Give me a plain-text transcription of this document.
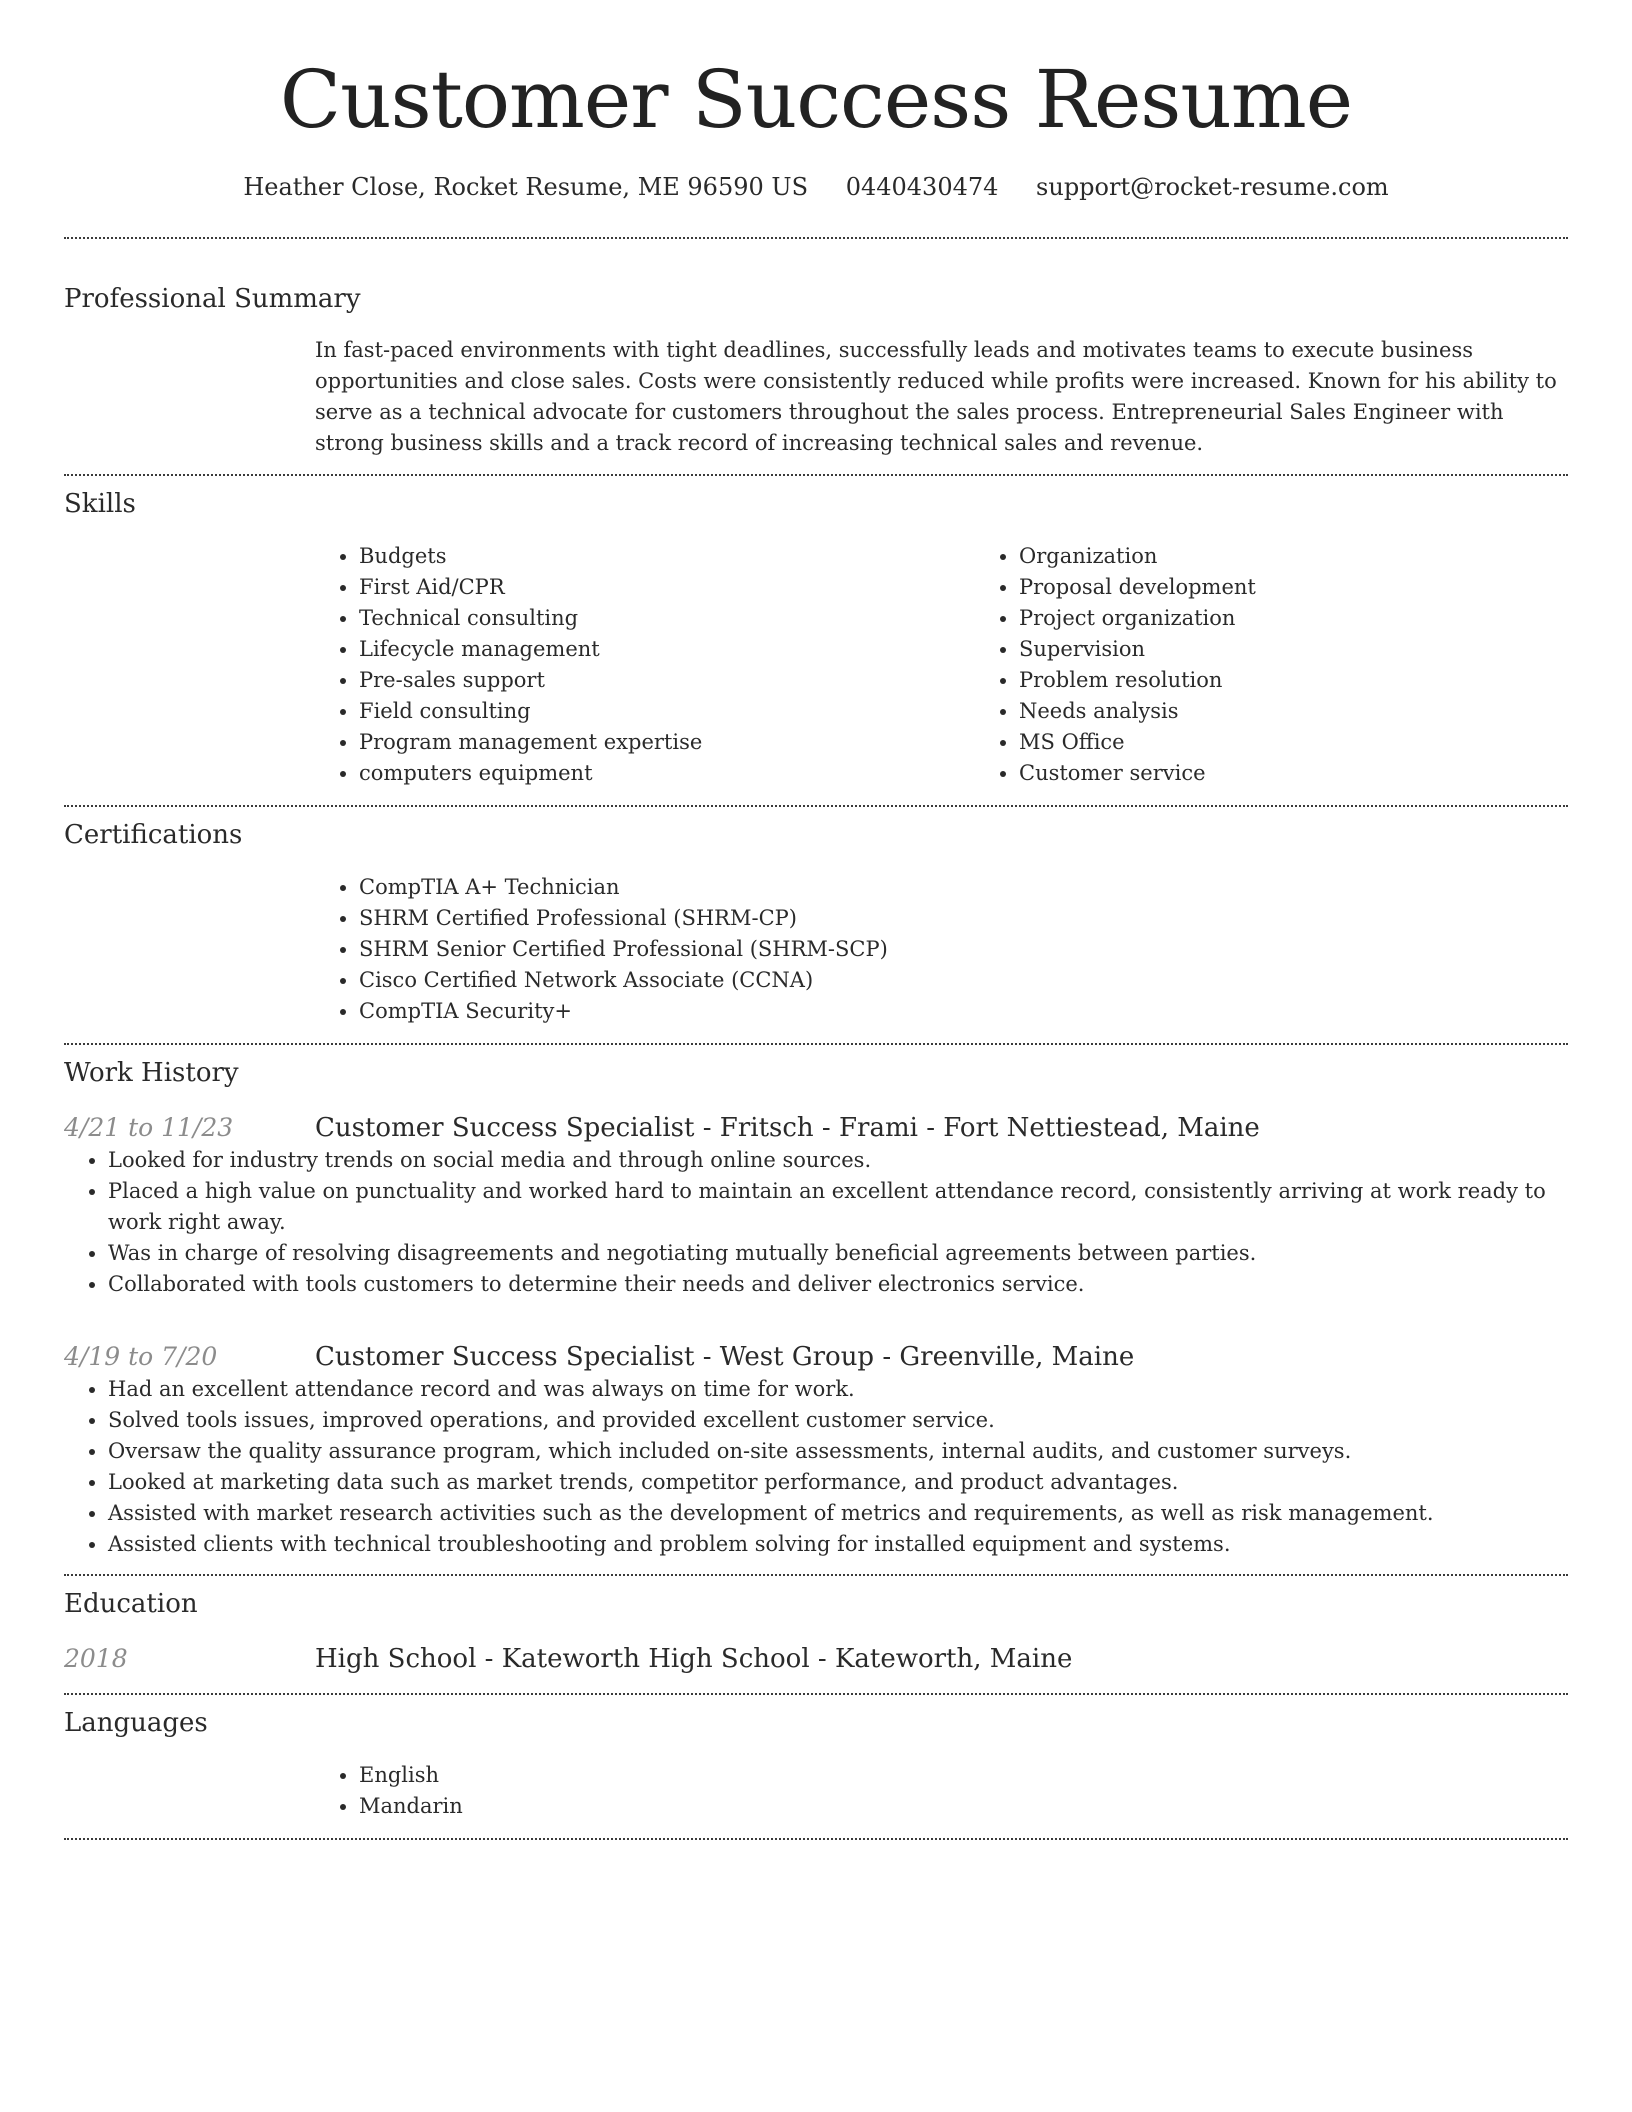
Customer Success Resume
Heather Close, Rocket Resume, ME 96590 US 0440430474 support@rocket-resume.com
Professional Summary

In fast-paced environments with tight deadlines, successfully leads and motivates teams to execute business opportunities and close sales. Costs were consistently reduced while profits were increased. Known for his ability to serve as a technical advocate for customers throughout the sales process. Entrepreneurial Sales Engineer with strong business skills and a track record of increasing technical sales and revenue.

Skills
• Budgets
• First Aid/CPR
• Technical consulting
• Lifecycle management
• Pre-sales support
• Field consulting
• Program management expertise
• computers equipment
• Organization
• Proposal development
• Project organization
• Supervision
• Problem resolution
• Needs analysis
• MS Office
• Customer service
Certifications
• CompTIA A+ Technician
• SHRM Certified Professional (SHRM-CP)
• SHRM Senior Certified Professional (SHRM-SCP)
• Cisco Certified Network Associate (CCNA)
• CompTIA Security+
Work History
4/21 to 11/23	Customer Success Specialist - Fritsch - Frami - Fort Nettiestead, Maine
• Looked for industry trends on social media and through online sources.
• Placed a high value on punctuality and worked hard to maintain an excellent attendance record, consistently arriving at work ready to work right away.
• Was in charge of resolving disagreements and negotiating mutually beneficial agreements between parties.
• Collaborated with tools customers to determine their needs and deliver electronics service.
4/19 to 7/20	Customer Success Specialist - West Group - Greenville, Maine
• Had an excellent attendance record and was always on time for work.
• Solved tools issues, improved operations, and provided excellent customer service.
• Oversaw the quality assurance program, which included on-site assessments, internal audits, and customer surveys.
• Looked at marketing data such as market trends, competitor performance, and product advantages.
• Assisted with market research activities such as the development of metrics and requirements, as well as risk management.
• Assisted clients with technical troubleshooting and problem solving for installed equipment and systems.
Education
2018	High School - Kateworth High School - Kateworth, Maine
Languages
• English
• Mandarin
